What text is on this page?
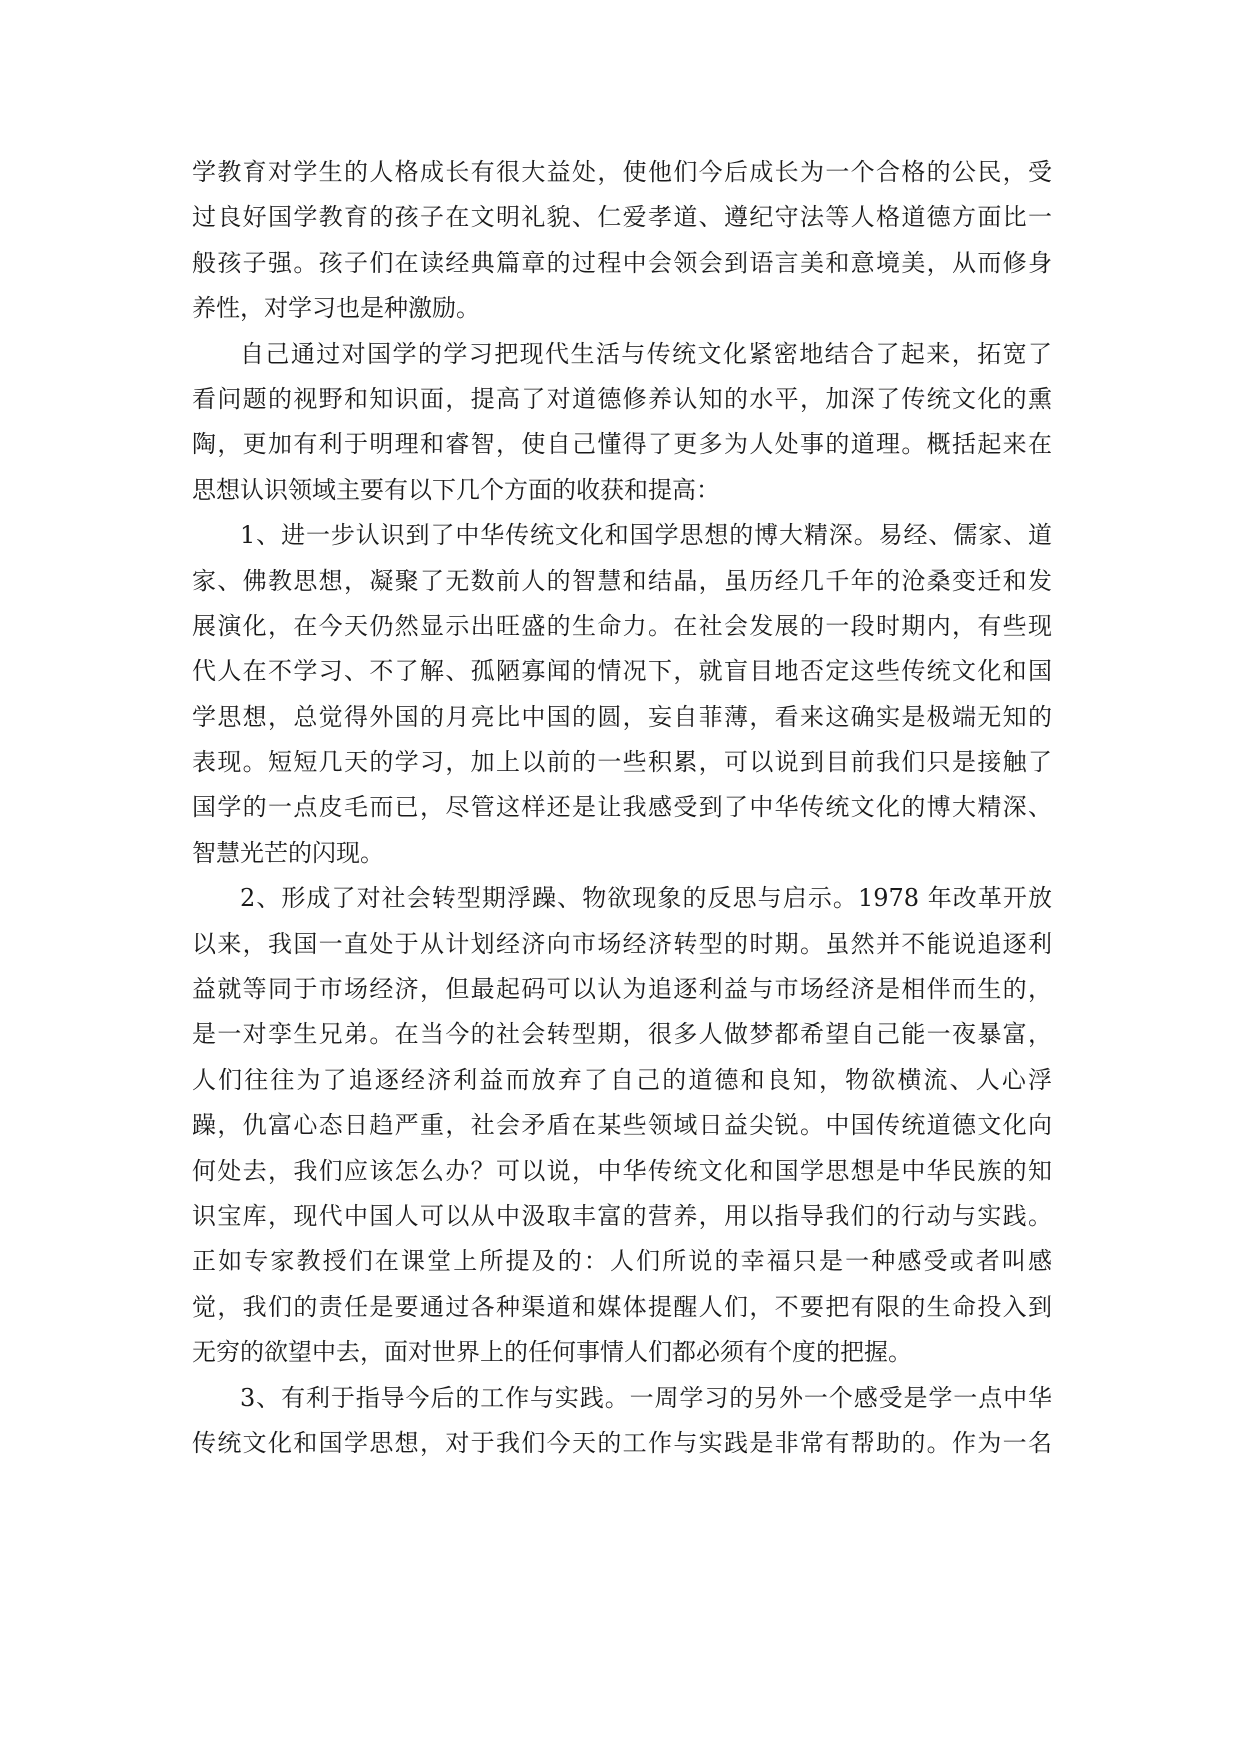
学教育对学生的人格成长有很大益处，使他们今后成长为一个合格的公民，受
过良好国学教育的孩子在文明礼貌、仁爱孝道、遵纪守法等人格道德方面比一
般孩子强。孩子们在读经典篇章的过程中会领会到语言美和意境美，从而修身
养性，对学习也是种激励。
自己通过对国学的学习把现代生活与传统文化紧密地结合了起来，拓宽了
看问题的视野和知识面，提高了对道德修养认知的水平，加深了传统文化的熏
陶，更加有利于明理和睿智，使自己懂得了更多为人处事的道理。概括起来在
思想认识领域主要有以下几个方面的收获和提高：
1、进一步认识到了中华传统文化和国学思想的博大精深。易经、儒家、道
家、佛教思想，凝聚了无数前人的智慧和结晶，虽历经几千年的沧桑变迁和发
展演化，在今天仍然显示出旺盛的生命力。在社会发展的一段时期内，有些现
代人在不学习、不了解、孤陋寡闻的情况下，就盲目地否定这些传统文化和国
学思想，总觉得外国的月亮比中国的圆，妄自菲薄，看来这确实是极端无知的
表现。短短几天的学习，加上以前的一些积累，可以说到目前我们只是接触了
国学的一点皮毛而已，尽管这样还是让我感受到了中华传统文化的博大精深、
智慧光芒的闪现。
2、形成了对社会转型期浮躁、物欲现象的反思与启示。1978 年改革开放
以来，我国一直处于从计划经济向市场经济转型的时期。虽然并不能说追逐利
益就等同于市场经济，但最起码可以认为追逐利益与市场经济是相伴而生的，
是一对孪生兄弟。在当今的社会转型期，很多人做梦都希望自己能一夜暴富，
人们往往为了追逐经济利益而放弃了自己的道德和良知，物欲横流、人心浮
躁，仇富心态日趋严重，社会矛盾在某些领域日益尖锐。中国传统道德文化向
何处去，我们应该怎么办？可以说，中华传统文化和国学思想是中华民族的知
识宝库，现代中国人可以从中汲取丰富的营养，用以指导我们的行动与实践。
正如专家教授们在课堂上所提及的：人们所说的幸福只是一种感受或者叫感
觉，我们的责任是要通过各种渠道和媒体提醒人们，不要把有限的生命投入到
无穷的欲望中去，面对世界上的任何事情人们都必须有个度的把握。
3、有利于指导今后的工作与实践。一周学习的另外一个感受是学一点中华
传统文化和国学思想，对于我们今天的工作与实践是非常有帮助的。作为一名
